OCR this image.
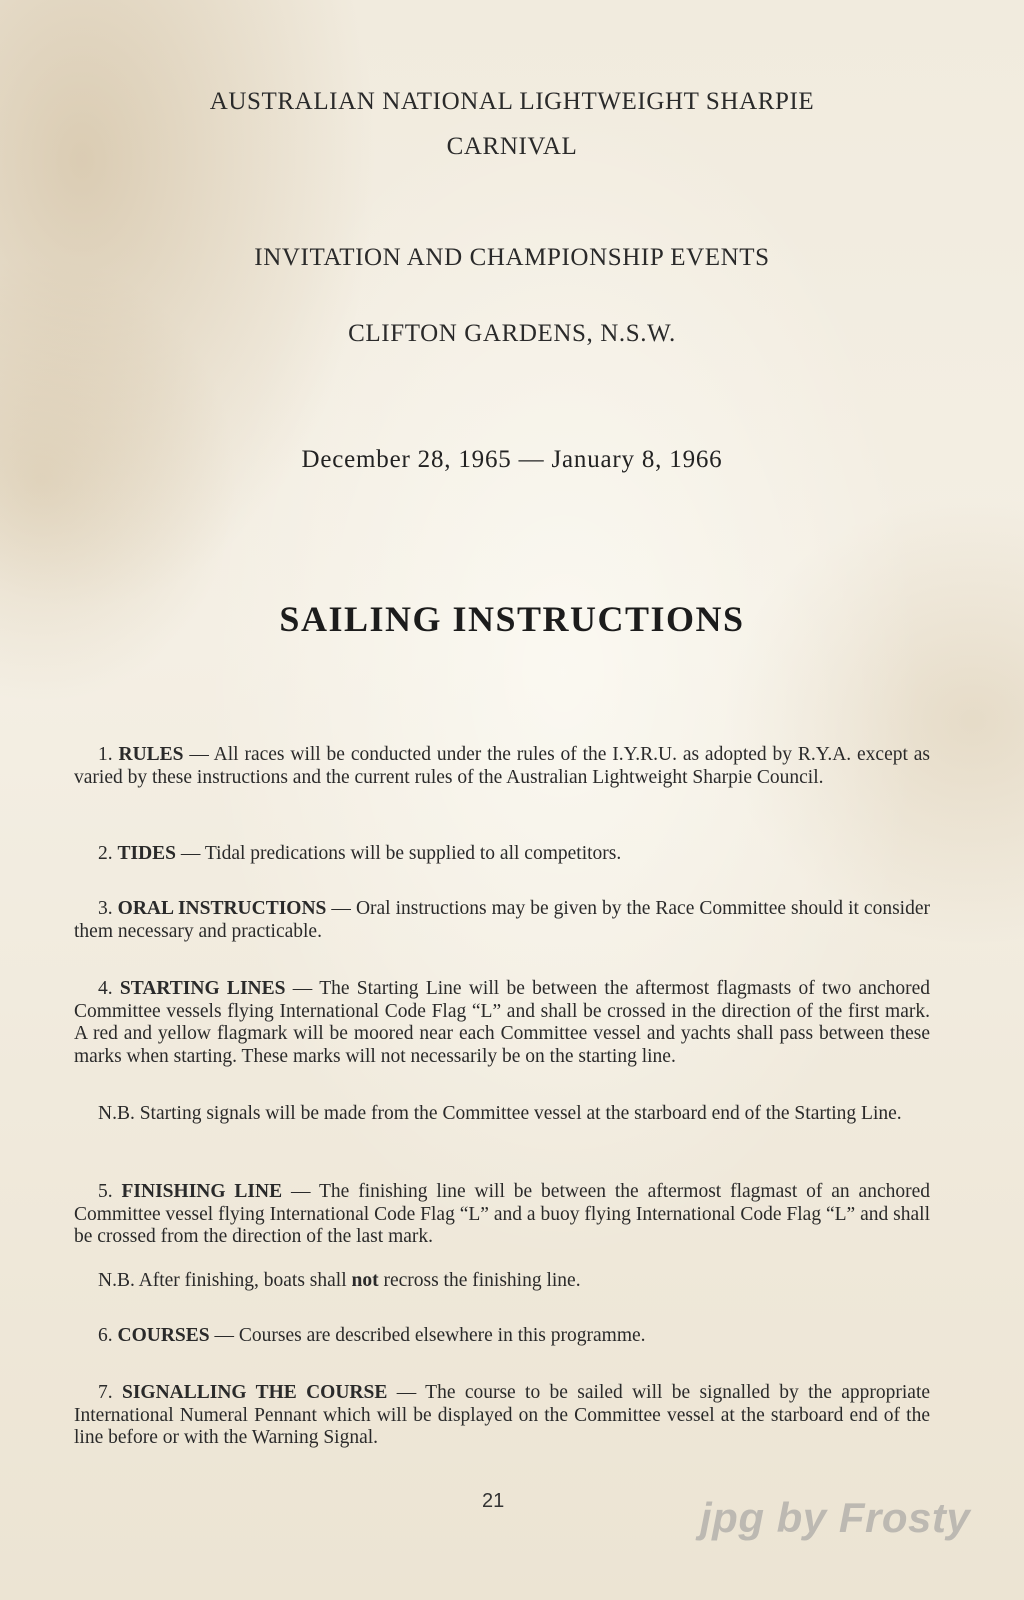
AUSTRALIAN NATIONAL LIGHTWEIGHT SHARPIE
CARNIVAL
INVITATION AND CHAMPIONSHIP EVENTS
CLIFTON GARDENS, N.S.W.
December 28, 1965 — January 8, 1966
SAILING INSTRUCTIONS

1. RULES — All races will be conducted under the rules of the I.Y.R.U. as adopted by R.Y.A. except as varied by these instructions and the current rules of the Australian Lightweight Sharpie Council.

2. TIDES — Tidal predications will be supplied to all competitors.

3. ORAL INSTRUCTIONS — Oral instructions may be given by the Race Committee should it consider them necessary and practicable.

4. STARTING LINES — The Starting Line will be between the aftermost flagmasts of two anchored Committee vessels flying International Code Flag “L” and shall be crossed in the direction of the first mark. A red and yellow flagmark will be moored near each Committee vessel and yachts shall pass between these marks when starting. These marks will not necessarily be on the starting line.

N.B. Starting signals will be made from the Committee vessel at the starboard end of the Starting Line.

5. FINISHING LINE — The finishing line will be between the aftermost flagmast of an anchored Committee vessel flying International Code Flag “L” and a buoy flying International Code Flag “L” and shall be crossed from the direction of the last mark.

N.B. After finishing, boats shall not recross the finishing line.

6. COURSES — Courses are described elsewhere in this programme.

7. SIGNALLING THE COURSE — The course to be sailed will be signalled by the appropriate International Numeral Pennant which will be displayed on the Committee vessel at the starboard end of the line before or with the Warning Signal.

21	jpg by Frosty
